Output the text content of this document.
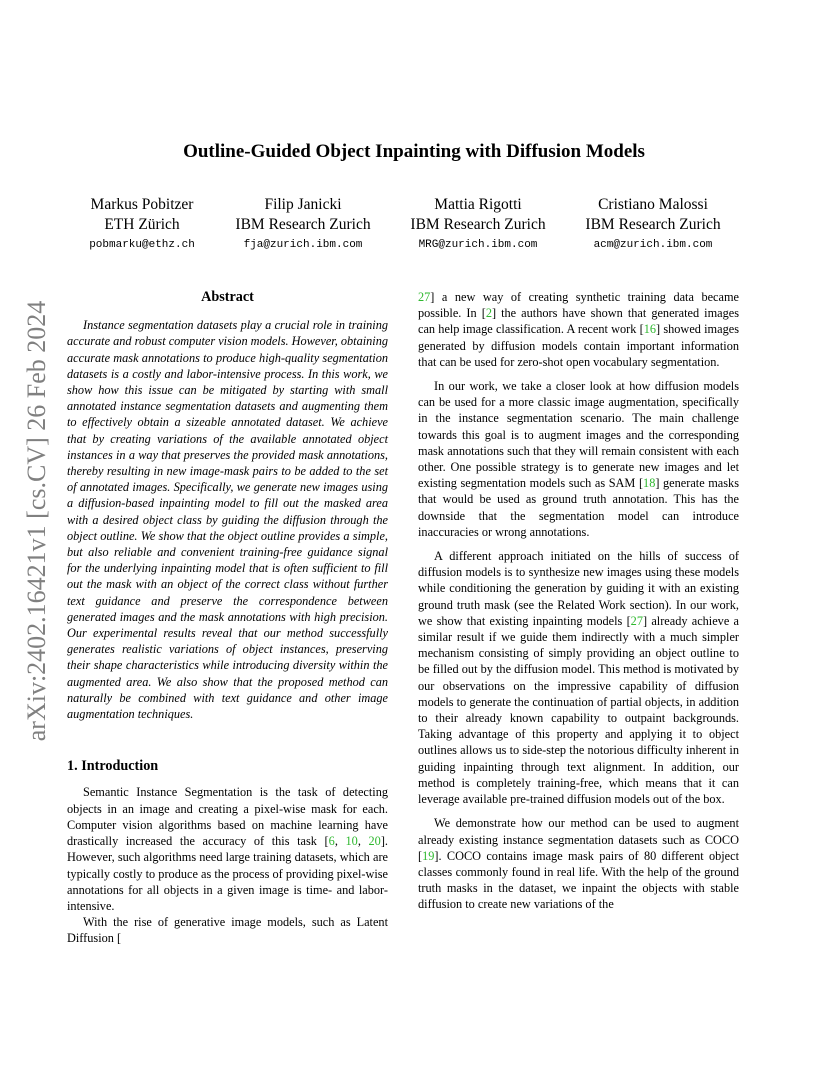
arXiv:2402.16421v1 [cs.CV] 26 Feb 2024
Outline-Guided Object Inpainting with Diffusion Models
Markus Pobitzer
ETH Zürich
pobmarku@ethz.ch
Filip Janicki
IBM Research Zurich
fja@zurich.ibm.com
Mattia Rigotti
IBM Research Zurich
MRG@zurich.ibm.com
Cristiano Malossi
IBM Research Zurich
acm@zurich.ibm.com
Abstract

Instance segmentation datasets play a crucial role in training accurate and robust computer vision models. However, obtaining accurate mask annotations to produce high-quality segmentation datasets is a costly and labor-intensive process. In this work, we show how this issue can be mitigated by starting with small annotated instance segmentation datasets and augmenting them to effectively obtain a sizeable annotated dataset. We achieve that by creating variations of the available annotated object instances in a way that preserves the provided mask annotations, thereby resulting in new image-mask pairs to be added to the set of annotated images. Specifically, we generate new images using a diffusion-based inpainting model to fill out the masked area with a desired object class by guiding the diffusion through the object outline. We show that the object outline provides a simple, but also reliable and convenient training-free guidance signal for the underlying inpainting model that is often sufficient to fill out the mask with an object of the correct class without further text guidance and preserve the correspondence between generated images and the mask annotations with high precision. Our experimental results reveal that our method successfully generates realistic variations of object instances, preserving their shape characteristics while introducing diversity within the augmented area. We also show that the proposed method can naturally be combined with text guidance and other image augmentation techniques.

1. Introduction

Semantic Instance Segmentation is the task of detecting objects in an image and creating a pixel-wise mask for each. Computer vision algorithms based on machine learning have drastically increased the accuracy of this task [6, 10, 20]. However, such algorithms need large training datasets, which are typically costly to produce as the process of providing pixel-wise annotations for all objects in a given image is time- and labor-intensive.

With the rise of generative image models, such as Latent Diffusion [

27] a new way of creating synthetic training data became possible. In [2] the authors have shown that generated images can help image classification. A recent work [16] showed images generated by diffusion models contain important information that can be used for zero-shot open vocabulary segmentation.

In our work, we take a closer look at how diffusion models can be used for a more classic image augmentation, specifically in the instance segmentation scenario. The main challenge towards this goal is to augment images and the corresponding mask annotations such that they will remain consistent with each other. One possible strategy is to generate new images and let existing segmentation models such as SAM [18] generate masks that would be used as ground truth annotation. This has the downside that the segmentation model can introduce inaccuracies or wrong annotations.

A different approach initiated on the hills of success of diffusion models is to synthesize new images using these models while conditioning the generation by guiding it with an existing ground truth mask (see the Related Work section). In our work, we show that existing inpainting models [27] already achieve a similar result if we guide them indirectly with a much simpler mechanism consisting of simply providing an object outline to be filled out by the diffusion model. This method is motivated by our observations on the impressive capability of diffusion models to generate the continuation of partial objects, in addition to their already known capability to outpaint backgrounds. Taking advantage of this property and applying it to object outlines allows us to side-step the notorious difficulty inherent in guiding inpainting through text alignment. In addition, our method is completely training-free, which means that it can leverage available pre-trained diffusion models out of the box.

We demonstrate how our method can be used to augment already existing instance segmentation datasets such as COCO [19]. COCO contains image mask pairs of 80 different object classes commonly found in real life. With the help of the ground truth masks in the dataset, we inpaint the objects with stable diffusion to create new variations of the
